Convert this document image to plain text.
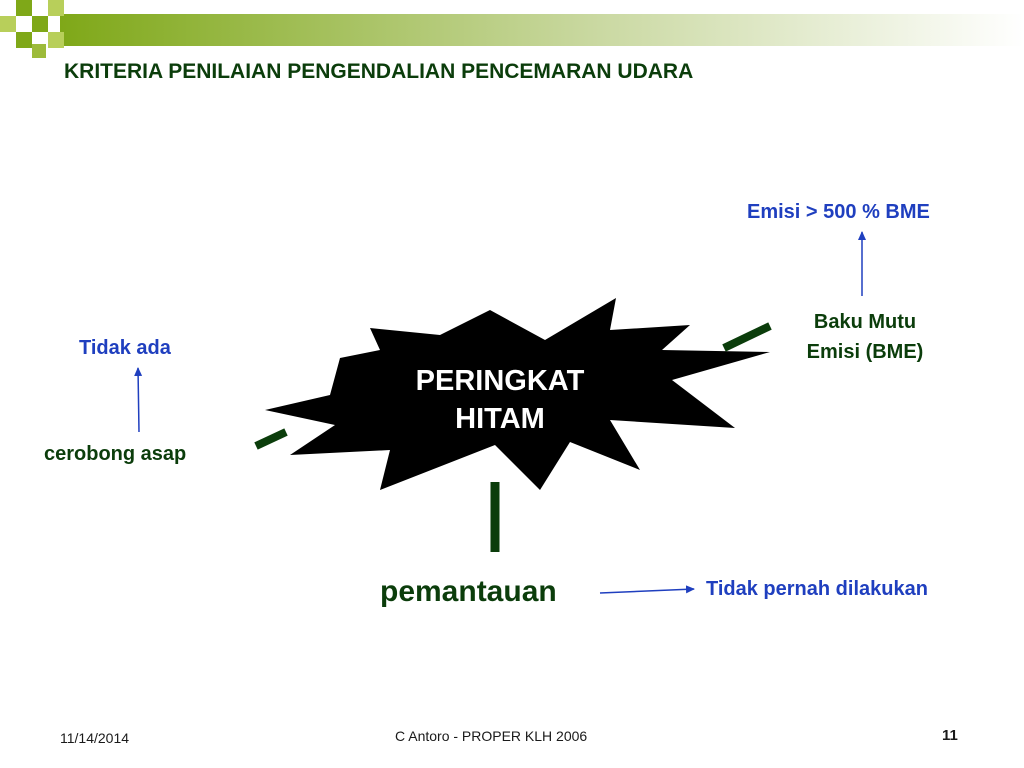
KRITERIA PENILAIAN PENGENDALIAN PENCEMARAN UDARA
PERINGKAT
HITAM
Tidak ada
cerobong asap
Emisi > 500 % BME
Baku Mutu
Emisi (BME)
pemantauan	Tidak pernah dilakukan
11/14/2014	C Antoro - PROPER KLH 2006	11
